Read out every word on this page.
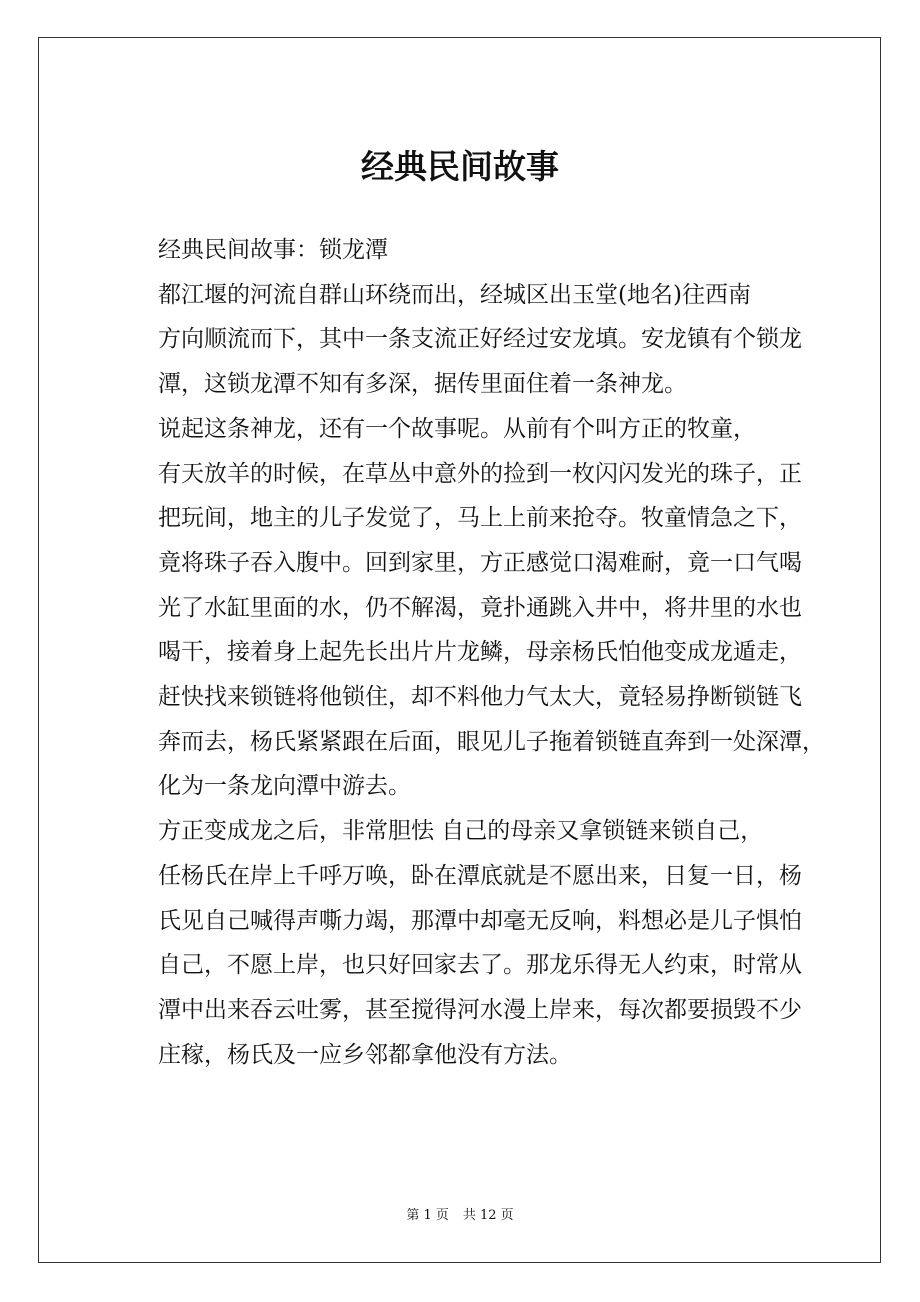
经典民间故事

经典民间故事：锁龙潭

都江堰的河流自群山环绕而出，经城区出玉堂(地名)往西南
方向顺流而下，其中一条支流正好经过安龙填。安龙镇有个锁龙
潭，这锁龙潭不知有多深，据传里面住着一条神龙。

说起这条神龙，还有一个故事呢。从前有个叫方正的牧童，
有天放羊的时候，在草丛中意外的捡到一枚闪闪发光的珠子，正
把玩间，地主的儿子发觉了，马上上前来抢夺。牧童情急之下，
竟将珠子吞入腹中。回到家里，方正感觉口渴难耐，竟一口气喝
光了水缸里面的水，仍不解渴，竟扑通跳入井中，将井里的水也
喝干，接着身上起先长出片片龙鳞，母亲杨氏怕他变成龙遁走，
赶快找来锁链将他锁住，却不料他力气太大，竟轻易挣断锁链飞
奔而去，杨氏紧紧跟在后面，眼见儿子拖着锁链直奔到一处深潭，
化为一条龙向潭中游去。

方正变成龙之后，非常胆怯 自己的母亲又拿锁链来锁自己，
任杨氏在岸上千呼万唤，卧在潭底就是不愿出来，日复一日，杨
氏见自己喊得声嘶力竭，那潭中却毫无反响，料想必是儿子惧怕
自己，不愿上岸，也只好回家去了。那龙乐得无人约束，时常从
潭中出来吞云吐雾，甚至搅得河水漫上岸来，每次都要损毁不少
庄稼，杨氏及一应乡邻都拿他没有方法。

第 1 页 共 12 页
